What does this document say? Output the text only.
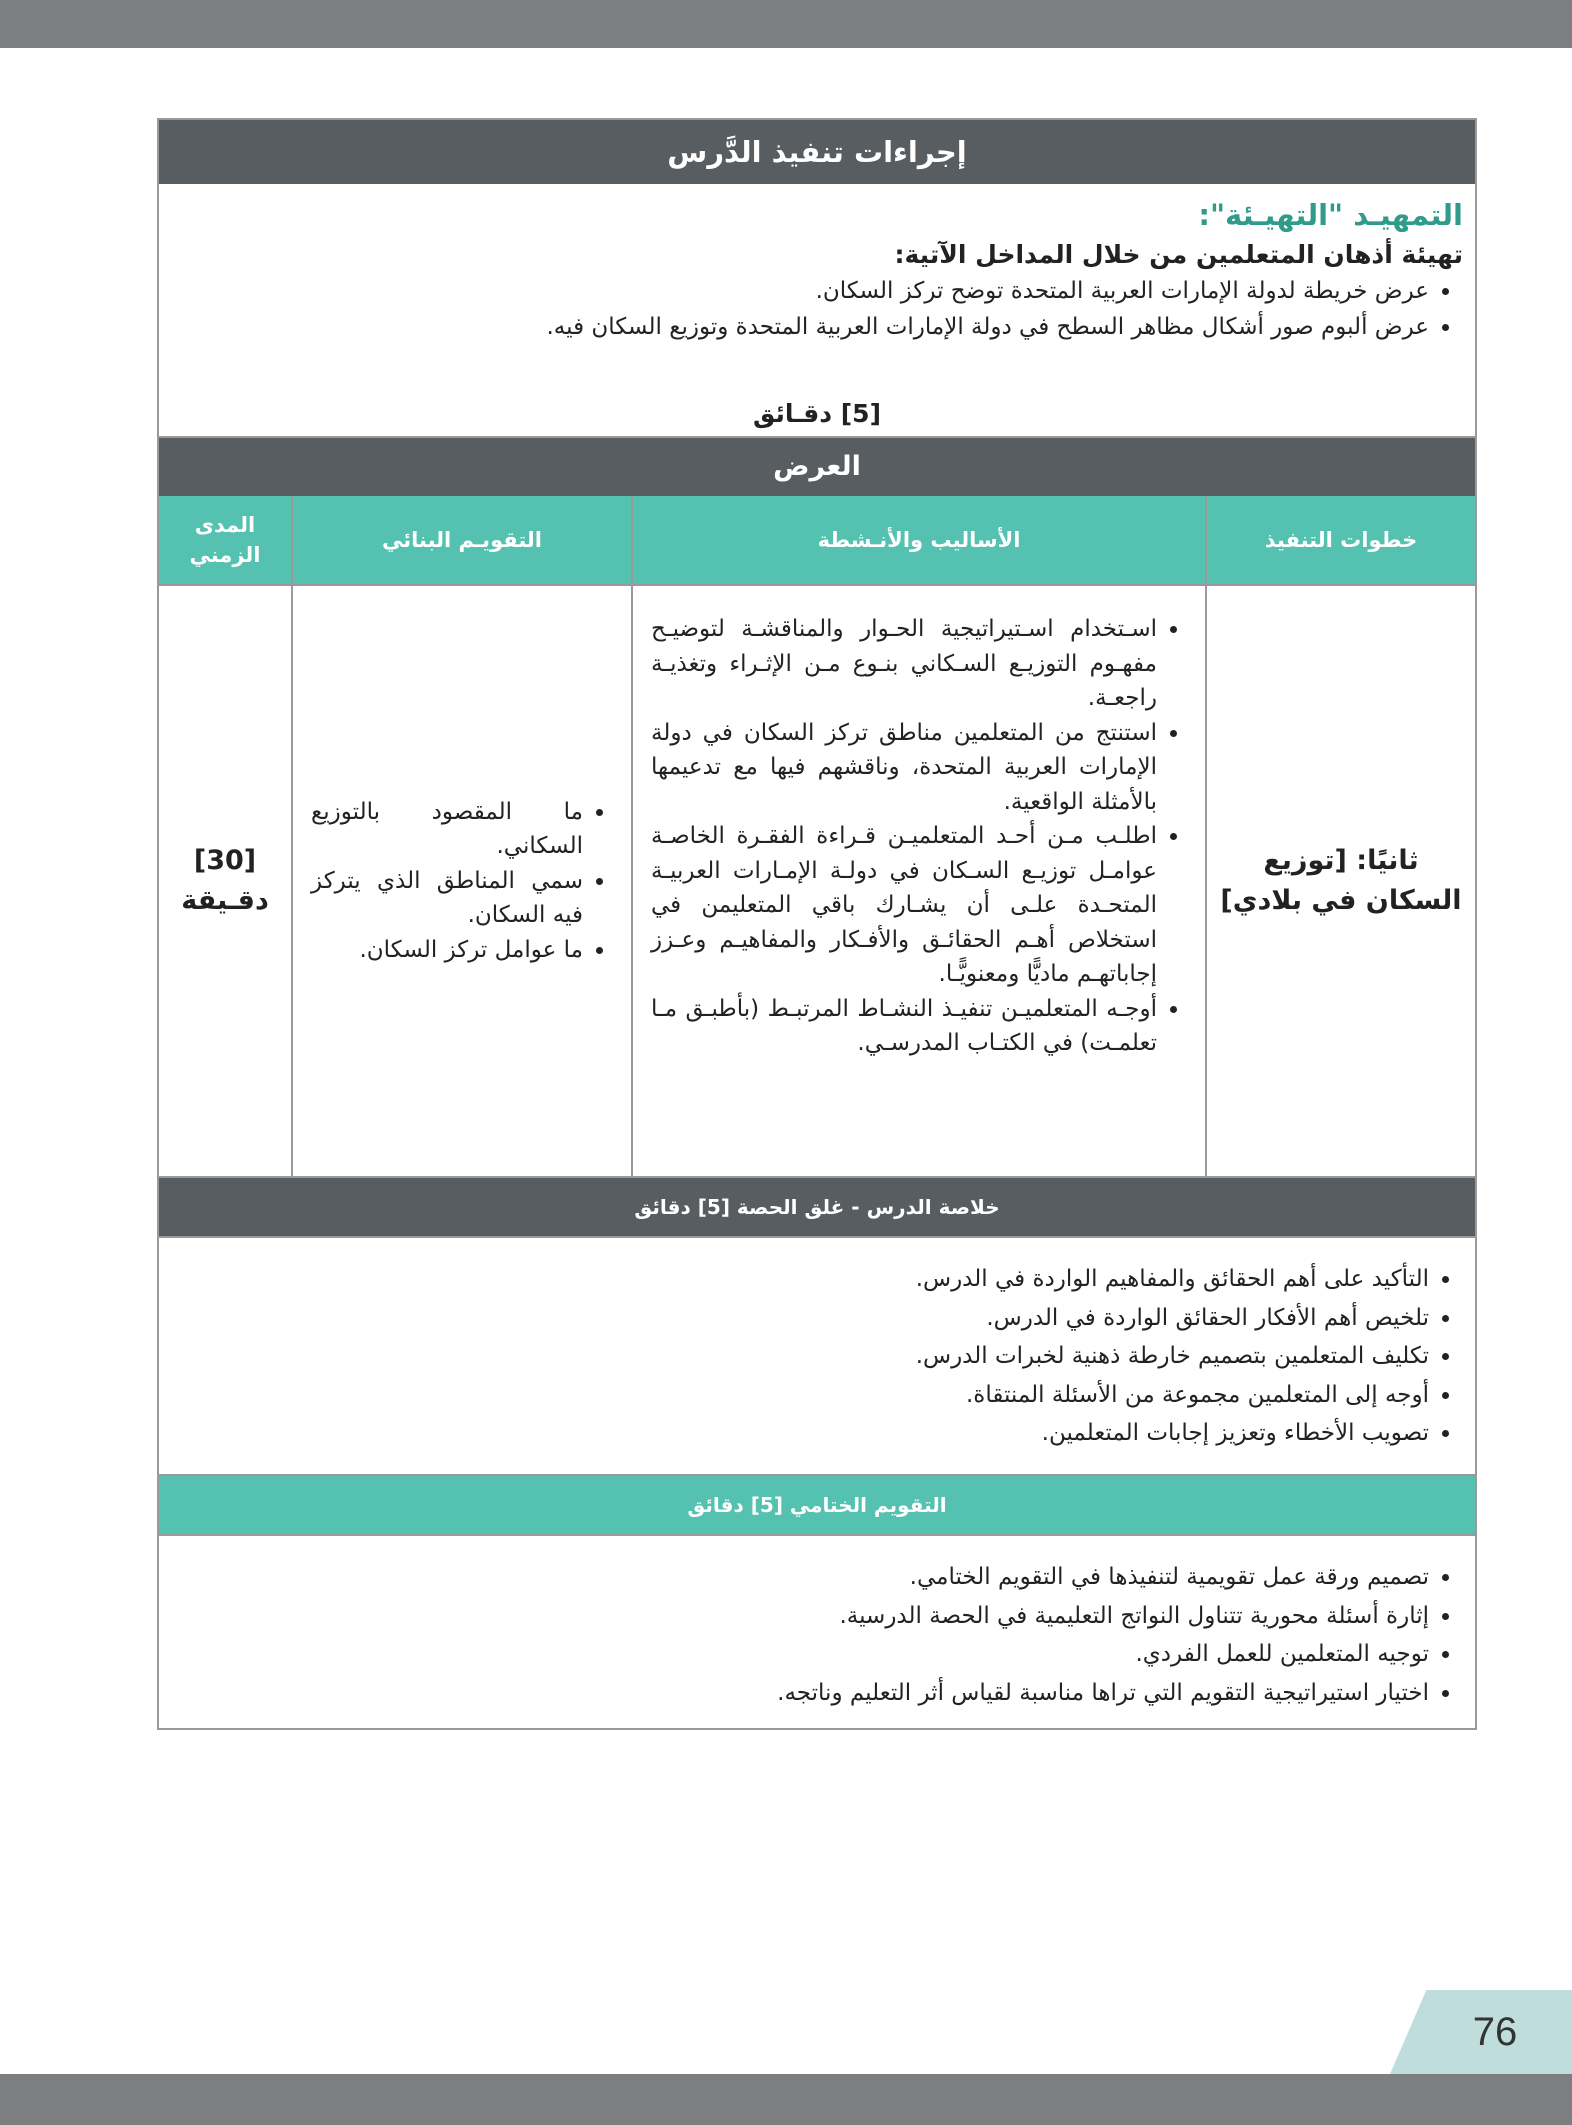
إجراءات تنفيذ الدَّرس
التمهيـد "التهيـئة":
تهيئة أذهان المتعلمين من خلال المداخل الآتية:
• عرض خريطة لدولة الإمارات العربية المتحدة توضح تركز السكان.
• عرض ألبوم صور أشكال مظاهر السطح في دولة الإمارات العربية المتحدة وتوزيع السكان فيه.
[5] دقـائق
العرض
خطوات التنفيذ
الأساليب والأنـشطة
التقويـم البنائي
المدى الزمني
ثانيًا: [توزيع السكان في بلادي]
• اسـتخدام اسـتيراتيجية الحـوار والمناقشـة لتوضيـح مفهـوم التوزيـع السـكاني بنـوع مـن الإثـراء وتغذيـة راجعـة.
• استنتج من المتعلمين مناطق تركز السكان في دولة الإمارات العربية المتحدة، وناقشهم فيها مع تدعيمها بالأمثلة الواقعية.
• اطلـب مـن أحـد المتعلميـن قـراءة الفقـرة الخاصـة عوامـل توزيـع السـكان في دولـة الإمـارات العربيـة المتحـدة علـى أن يشـارك باقي المتعليمن في استخلاص أهـم الحقائـق والأفـكار والمفاهيـم وعـزز إجاباتهـم ماديًّا ومعنويًّـا.
• أوجـه المتعلميـن تنفيـذ النشـاط المرتبـط (بأطبـق مـا تعلمـت) في الكتـاب المدرسـي.
• ما المقصود بالتوزيع السكاني.
• سمي المناطق الذي يتركز فيه السكان.
• ما عوامل تركز السكان.
[30] دقـيقة
خلاصة الدرس - غلق الحصة [5] دقائق
• التأكيد على أهم الحقائق والمفاهيم الواردة في الدرس.
• تلخيص أهم الأفكار الحقائق الواردة في الدرس.
• تكليف المتعلمين بتصميم خارطة ذهنية لخبرات الدرس.
• أوجه إلى المتعلمين مجموعة من الأسئلة المنتقاة.
• تصويب الأخطاء وتعزيز إجابات المتعلمين.
التقويم الختامي [5] دقائق
• تصميم ورقة عمل تقويمية لتنفيذها في التقويم الختامي.
• إثارة أسئلة محورية تتناول النواتج التعليمية في الحصة الدرسية.
• توجيه المتعلمين للعمل الفردي.
• اختيار استيراتيجية التقويم التي تراها مناسبة لقياس أثر التعليم وناتجه.
76
